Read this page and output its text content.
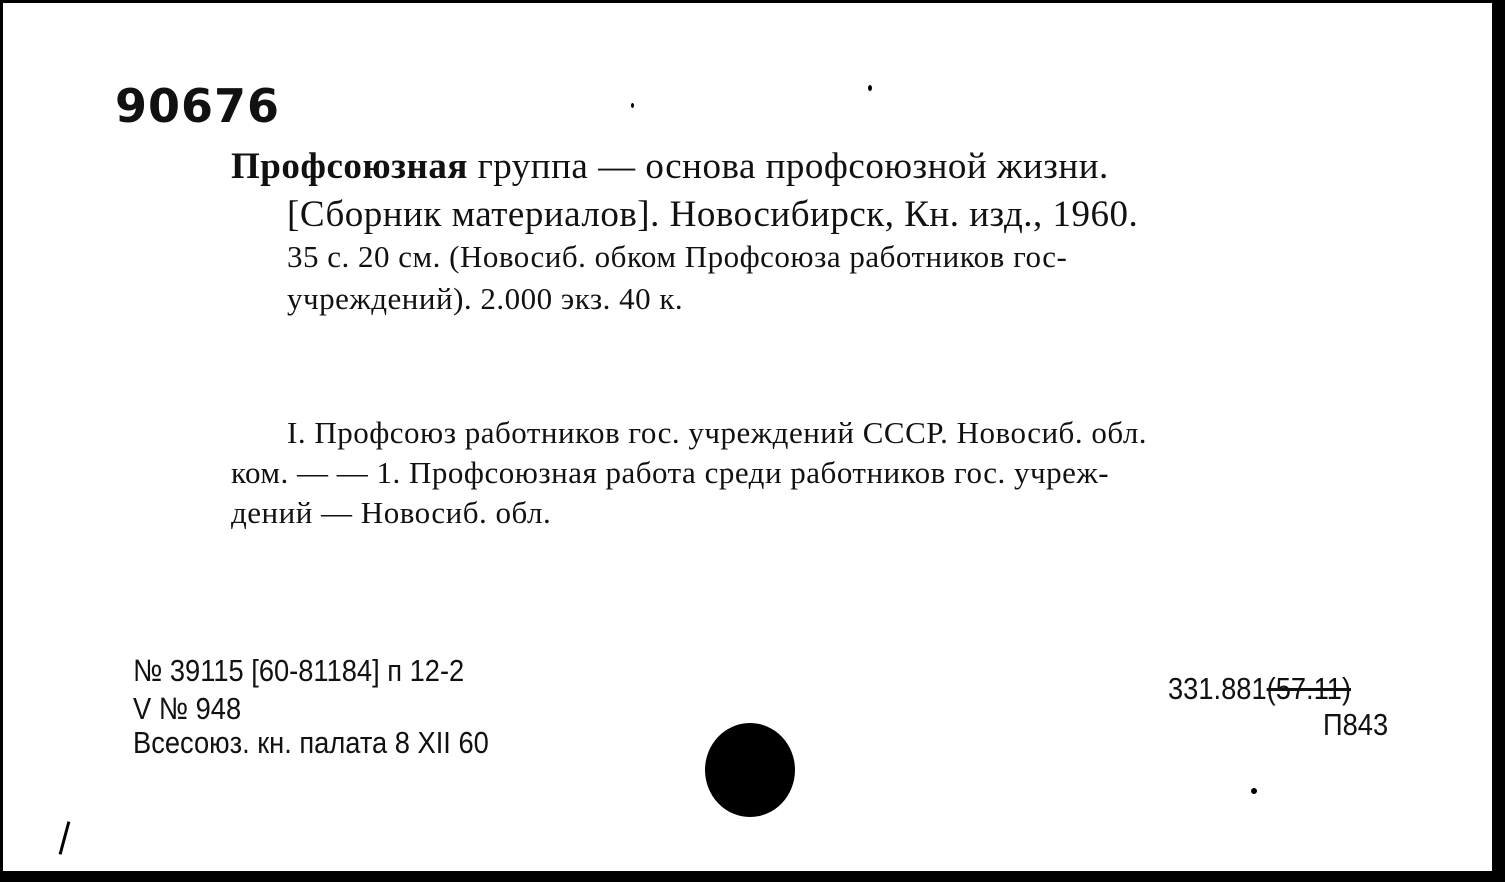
90676
Профсоюзная группа — основа профсоюзной жизни.
[Сборник материалов]. Новосибирск, Кн. изд., 1960.
35 с. 20 см. (Новосиб. обком Профсоюза работников гос-
учреждений). 2.000 экз. 40 к.
I. Профсоюз работников гос. учреждений СССР. Новосиб. обл.
ком. — — 1. Профсоюзная работа среди работников гос. учреж-
дений — Новосиб. обл.
№ 39115 [60-81184] п 12-2
V № 948
Всесоюз. кн. палата 8 XII 60
331.881(57.11)
П843
